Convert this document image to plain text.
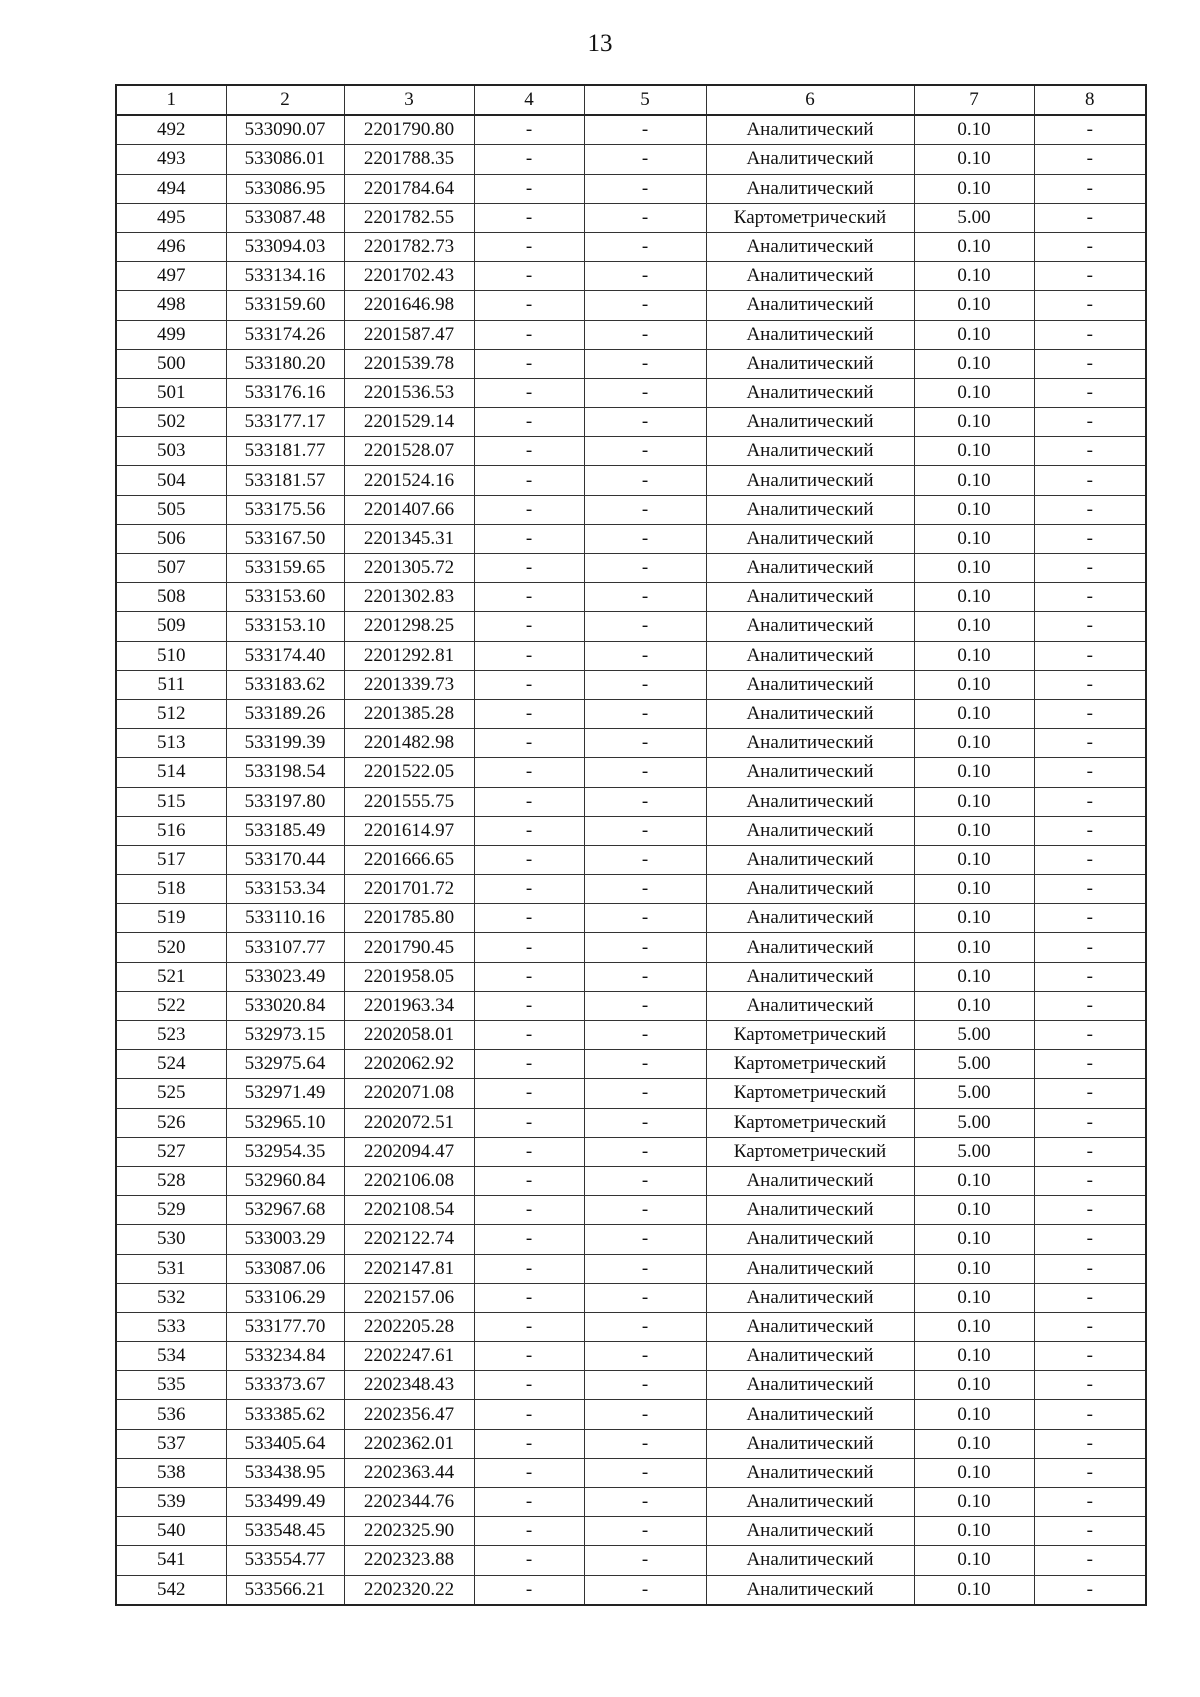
13
1	2	3	4	5	6	7	8
492	533090.07	2201790.80	-	-	Аналитический	0.10	-
493	533086.01	2201788.35	-	-	Аналитический	0.10	-
494	533086.95	2201784.64	-	-	Аналитический	0.10	-
495	533087.48	2201782.55	-	-	Картометрический	5.00	-
496	533094.03	2201782.73	-	-	Аналитический	0.10	-
497	533134.16	2201702.43	-	-	Аналитический	0.10	-
498	533159.60	2201646.98	-	-	Аналитический	0.10	-
499	533174.26	2201587.47	-	-	Аналитический	0.10	-
500	533180.20	2201539.78	-	-	Аналитический	0.10	-
501	533176.16	2201536.53	-	-	Аналитический	0.10	-
502	533177.17	2201529.14	-	-	Аналитический	0.10	-
503	533181.77	2201528.07	-	-	Аналитический	0.10	-
504	533181.57	2201524.16	-	-	Аналитический	0.10	-
505	533175.56	2201407.66	-	-	Аналитический	0.10	-
506	533167.50	2201345.31	-	-	Аналитический	0.10	-
507	533159.65	2201305.72	-	-	Аналитический	0.10	-
508	533153.60	2201302.83	-	-	Аналитический	0.10	-
509	533153.10	2201298.25	-	-	Аналитический	0.10	-
510	533174.40	2201292.81	-	-	Аналитический	0.10	-
511	533183.62	2201339.73	-	-	Аналитический	0.10	-
512	533189.26	2201385.28	-	-	Аналитический	0.10	-
513	533199.39	2201482.98	-	-	Аналитический	0.10	-
514	533198.54	2201522.05	-	-	Аналитический	0.10	-
515	533197.80	2201555.75	-	-	Аналитический	0.10	-
516	533185.49	2201614.97	-	-	Аналитический	0.10	-
517	533170.44	2201666.65	-	-	Аналитический	0.10	-
518	533153.34	2201701.72	-	-	Аналитический	0.10	-
519	533110.16	2201785.80	-	-	Аналитический	0.10	-
520	533107.77	2201790.45	-	-	Аналитический	0.10	-
521	533023.49	2201958.05	-	-	Аналитический	0.10	-
522	533020.84	2201963.34	-	-	Аналитический	0.10	-
523	532973.15	2202058.01	-	-	Картометрический	5.00	-
524	532975.64	2202062.92	-	-	Картометрический	5.00	-
525	532971.49	2202071.08	-	-	Картометрический	5.00	-
526	532965.10	2202072.51	-	-	Картометрический	5.00	-
527	532954.35	2202094.47	-	-	Картометрический	5.00	-
528	532960.84	2202106.08	-	-	Аналитический	0.10	-
529	532967.68	2202108.54	-	-	Аналитический	0.10	-
530	533003.29	2202122.74	-	-	Аналитический	0.10	-
531	533087.06	2202147.81	-	-	Аналитический	0.10	-
532	533106.29	2202157.06	-	-	Аналитический	0.10	-
533	533177.70	2202205.28	-	-	Аналитический	0.10	-
534	533234.84	2202247.61	-	-	Аналитический	0.10	-
535	533373.67	2202348.43	-	-	Аналитический	0.10	-
536	533385.62	2202356.47	-	-	Аналитический	0.10	-
537	533405.64	2202362.01	-	-	Аналитический	0.10	-
538	533438.95	2202363.44	-	-	Аналитический	0.10	-
539	533499.49	2202344.76	-	-	Аналитический	0.10	-
540	533548.45	2202325.90	-	-	Аналитический	0.10	-
541	533554.77	2202323.88	-	-	Аналитический	0.10	-
542	533566.21	2202320.22	-	-	Аналитический	0.10	-
